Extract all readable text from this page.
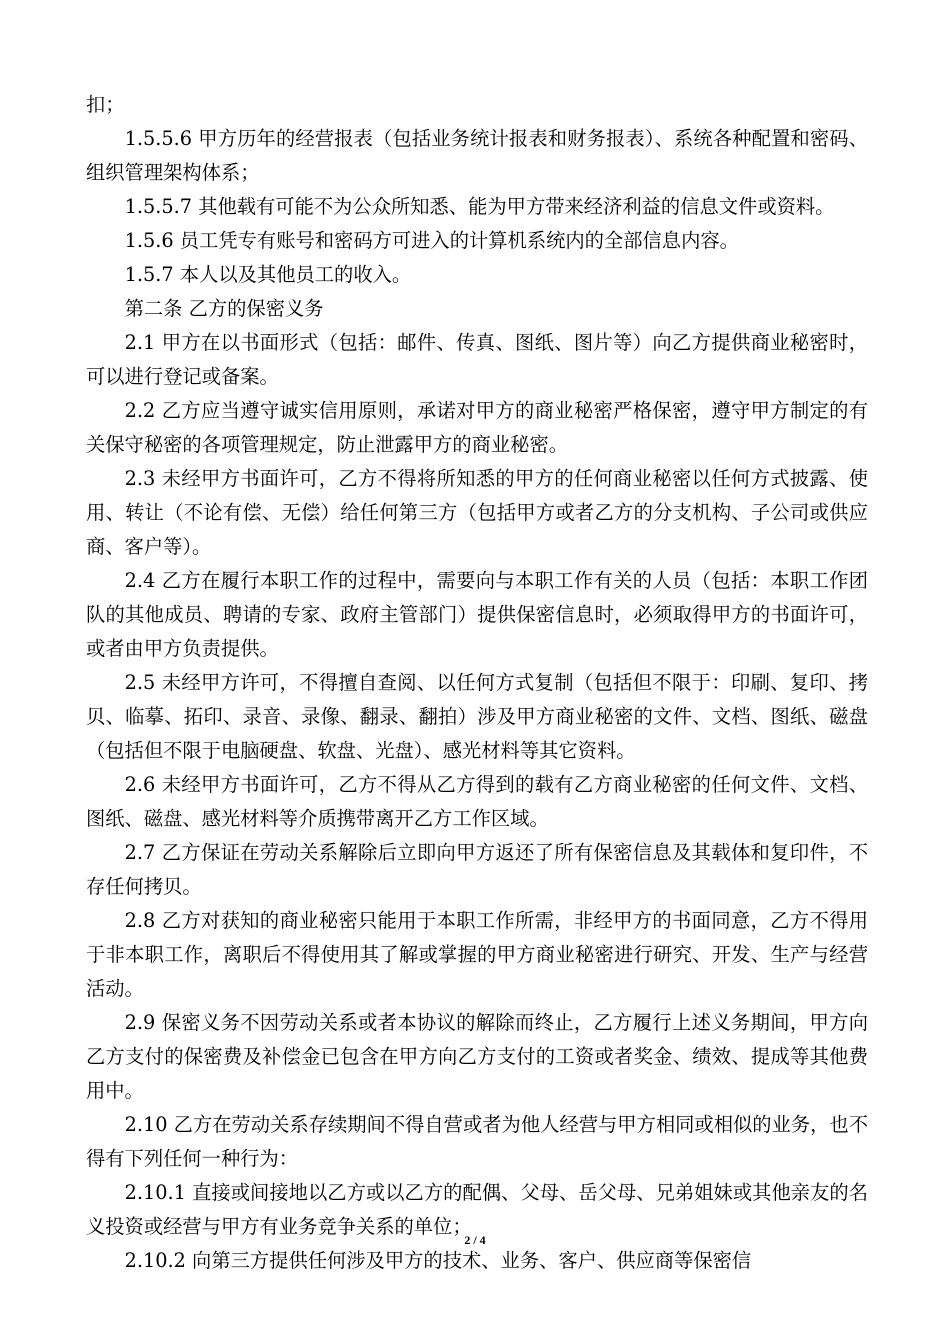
扣；

1.5.5.6 甲方历年的经营报表（包括业务统计报表和财务报表）、系统各种配置和密码、组织管理架构体系；

1.5.5.7 其他载有可能不为公众所知悉、能为甲方带来经济利益的信息文件或资料。

1.5.6 员工凭专有账号和密码方可进入的计算机系统内的全部信息内容。

1.5.7 本人以及其他员工的收入。

第二条 乙方的保密义务

2.1 甲方在以书面形式（包括：邮件、传真、图纸、图片等）向乙方提供商业秘密时，可以进行登记或备案。

2.2 乙方应当遵守诚实信用原则，承诺对甲方的商业秘密严格保密，遵守甲方制定的有关保守秘密的各项管理规定，防止泄露甲方的商业秘密。

2.3 未经甲方书面许可，乙方不得将所知悉的甲方的任何商业秘密以任何方式披露、使用、转让（不论有偿、无偿）给任何第三方（包括甲方或者乙方的分支机构、子公司或供应商、客户等）。

2.4 乙方在履行本职工作的过程中，需要向与本职工作有关的人员（包括：本职工作团队的其他成员、聘请的专家、政府主管部门）提供保密信息时，必须取得甲方的书面许可，或者由甲方负责提供。

2.5 未经甲方许可，不得擅自查阅、以任何方式复制（包括但不限于：印刷、复印、拷贝、临摹、拓印、录音、录像、翻录、翻拍）涉及甲方商业秘密的文件、文档、图纸、磁盘（包括但不限于电脑硬盘、软盘、光盘）、感光材料等其它资料。

2.6 未经甲方书面许可，乙方不得从乙方得到的载有乙方商业秘密的任何文件、文档、图纸、磁盘、感光材料等介质携带离开乙方工作区域。

2.7 乙方保证在劳动关系解除后立即向甲方返还了所有保密信息及其载体和复印件，不存任何拷贝。

2.8 乙方对获知的商业秘密只能用于本职工作所需，非经甲方的书面同意，乙方不得用于非本职工作，离职后不得使用其了解或掌握的甲方商业秘密进行研究、开发、生产与经营活动。

2.9 保密义务不因劳动关系或者本协议的解除而终止，乙方履行上述义务期间，甲方向乙方支付的保密费及补偿金已包含在甲方向乙方支付的工资或者奖金、绩效、提成等其他费用中。

2.10 乙方在劳动关系存续期间不得自营或者为他人经营与甲方相同或相似的业务，也不得有下列任何一种行为：

2.10.1 直接或间接地以乙方或以乙方的配偶、父母、岳父母、兄弟姐妹或其他亲友的名义投资或经营与甲方有业务竞争关系的单位；

2.10.2 向第三方提供任何涉及甲方的技术、业务、客户、供应商等保密信

2 / 4
